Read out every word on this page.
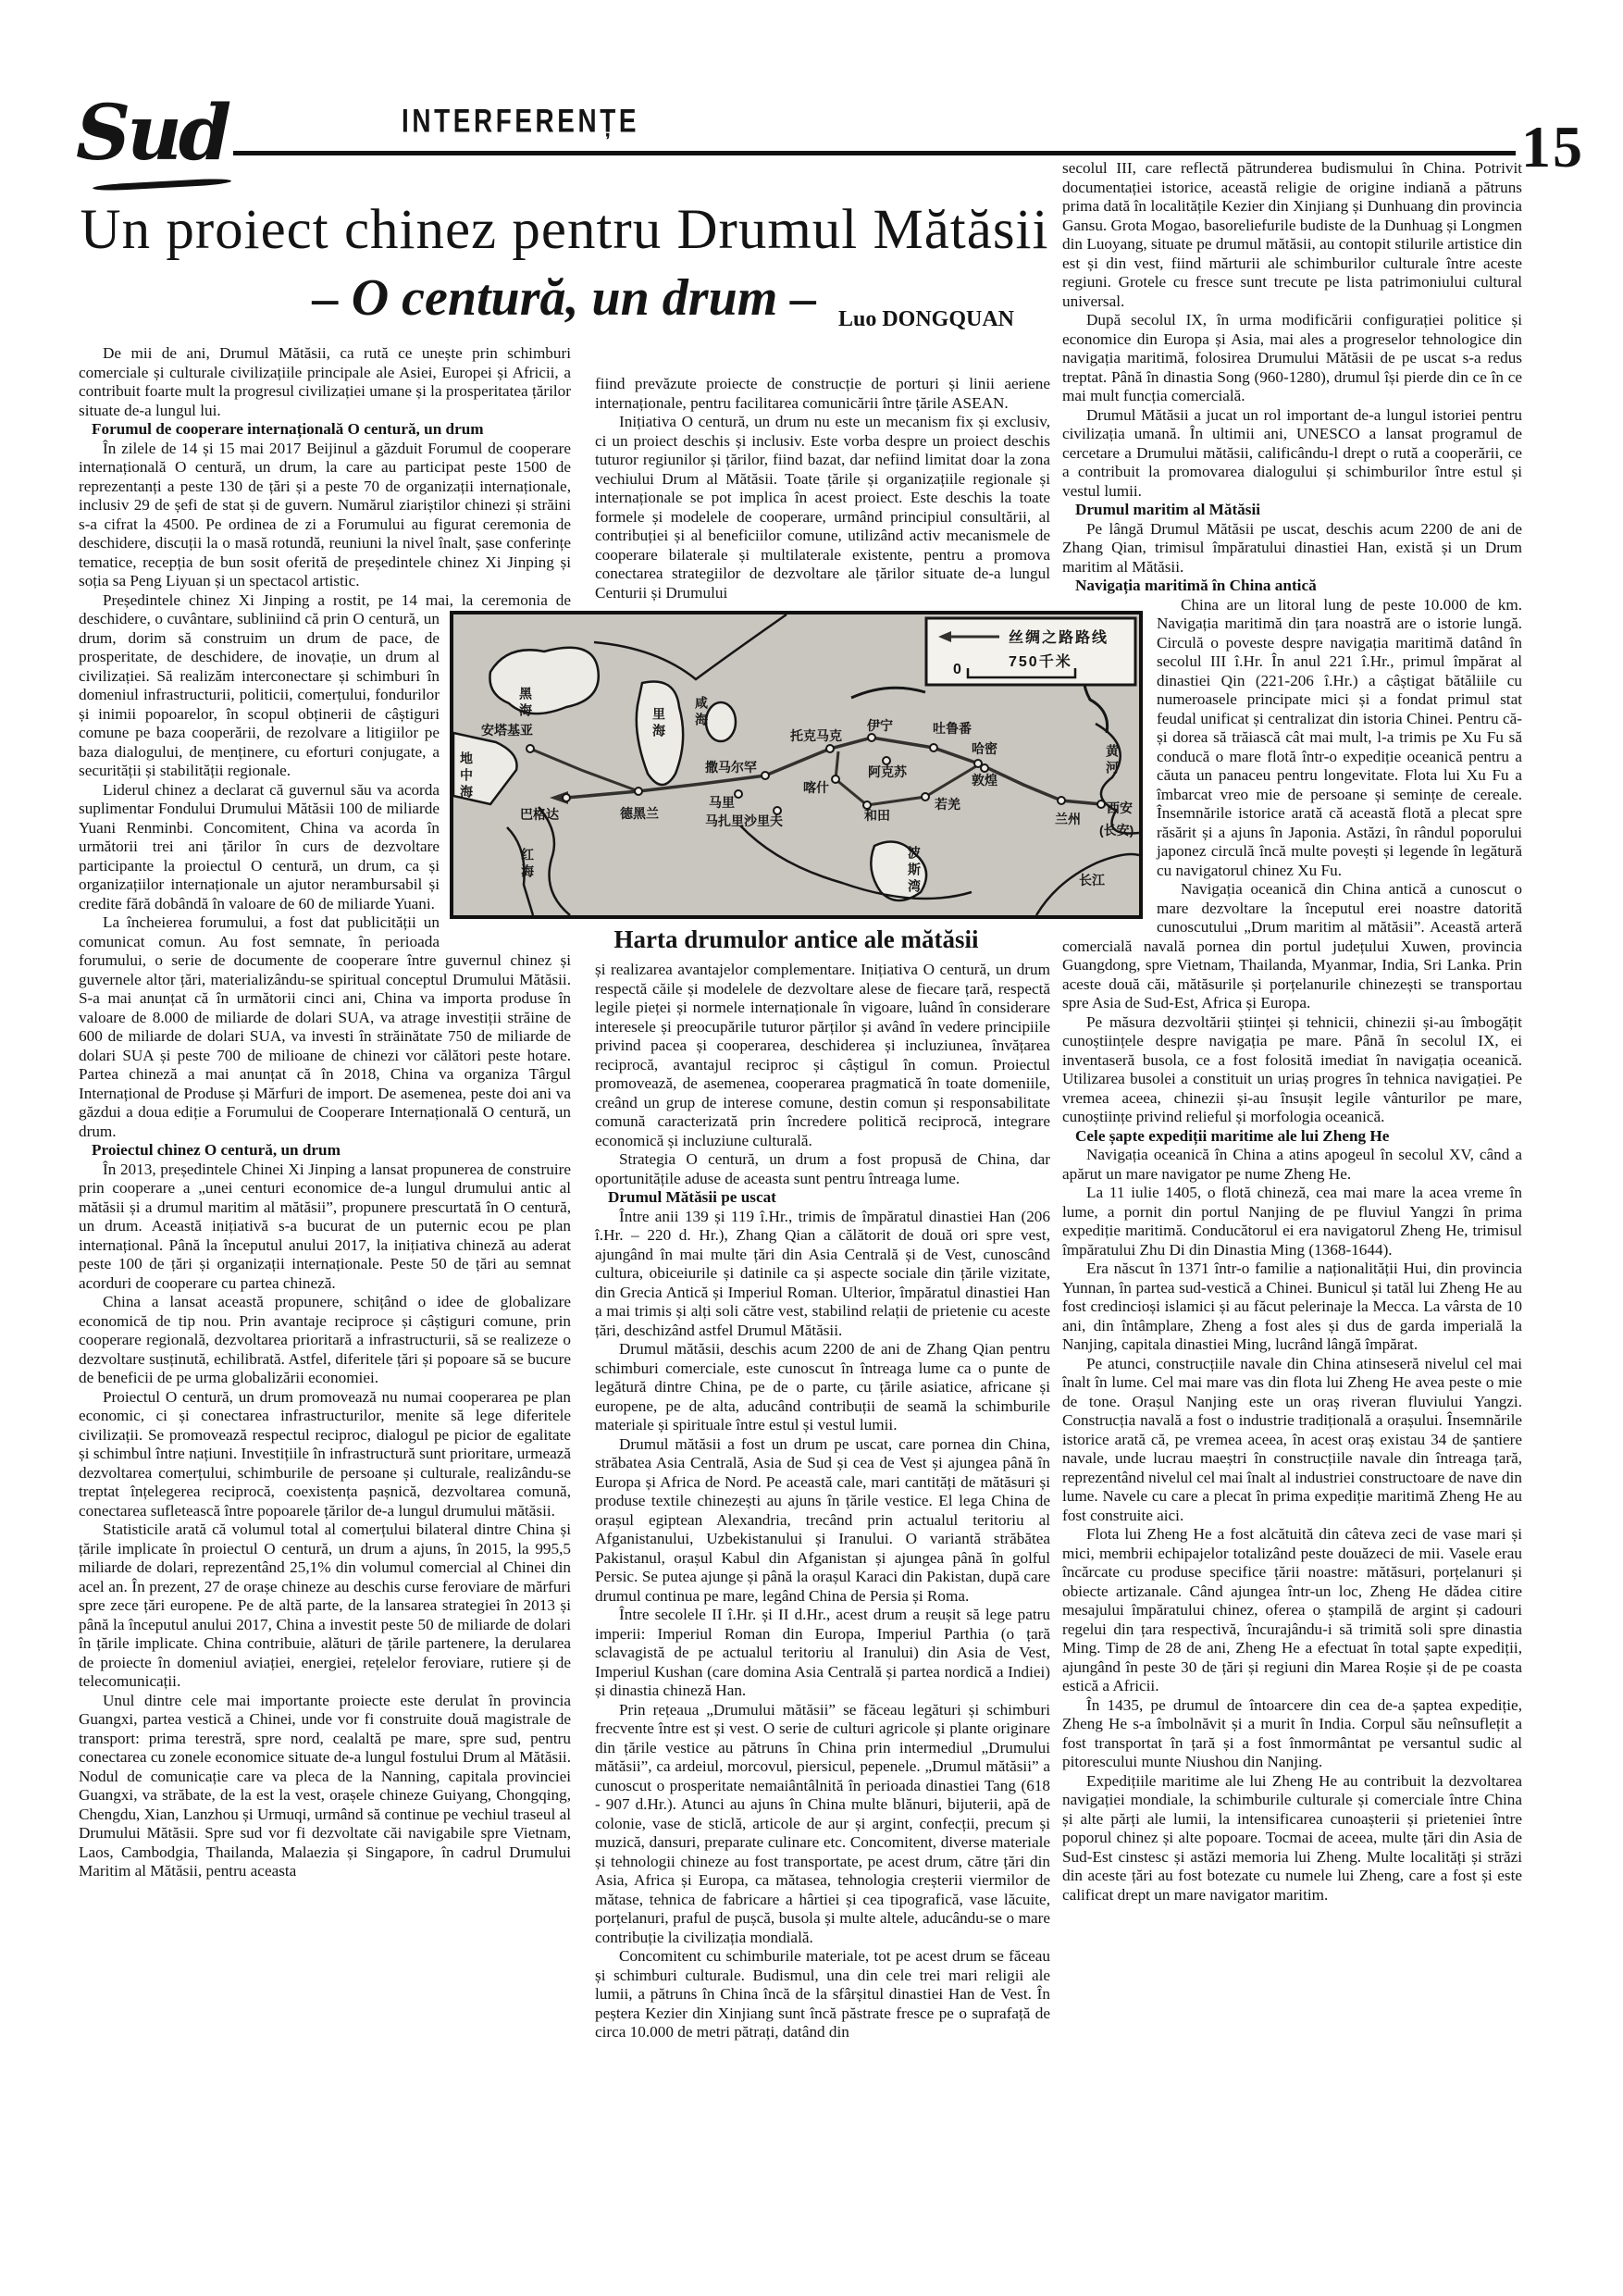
Sud	INTERFERENȚE	15
Un proiect chinez pentru Drumul Mătăsii
– O centură, un drum – Luo DONGQUAN
De mii de ani, Drumul Mătăsii, ca rută ce unește prin schimburi comerciale și culturale civilizațiile principale ale Asiei, Europei și Africii, a contribuit foarte mult la progresul civilizației umane și la prosperitatea țărilor situate de-a lungul lui.
Forumul de cooperare internațională O centură, un drum
În zilele de 14 și 15 mai 2017 Beijinul a găzduit Forumul de cooperare internațională O centură, un drum, la care au participat peste 1500 de reprezentanți a peste 130 de țări și a peste 70 de organizații internaționale, inclusiv 29 de șefi de stat și de guvern. Numărul ziariștilor chinezi și străini s-a cifrat la 4500. Pe ordinea de zi a Forumului au figurat ceremonia de deschidere, discuții la o masă rotundă, reuniuni la nivel înalt, șase conferințe tematice, recepția de bun sosit oferită de președintele chinez Xi Jinping și soția sa Peng Liyuan și un spectacol artistic.
Președintele chinez Xi Jinping a rostit, pe 14 mai, la ceremonia de deschidere, o cuvântare, subliniind că prin O centură, un drum, dorim să construim un drum de pace, de prosperitate, de deschidere, de inovație, un drum al civilizației. Să realizăm interconectare și schimburi în domeniul infrastructurii, politicii, comerțului, fondurilor și inimii popoarelor, în scopul obținerii de câștiguri comune pe baza cooperării, de rezolvare a litigiilor pe baza dialogului, de menținere, cu eforturi conjugate, a securității și stabilității regionale.
Liderul chinez a declarat că guvernul său va acorda suplimentar Fondului Drumului Mătăsii 100 de miliarde Yuani Renminbi. Concomitent, China va acorda în următorii trei ani țărilor în curs de dezvoltare participante la proiectul O centură, un drum, ca și organizațiilor internaționale un ajutor nerambursabil și credite fără dobândă în valoare de 60 de miliarde Yuani.
La încheierea forumului, a fost dat publicității un comunicat comun. Au fost semnate, în perioada forumului, o serie de documente de cooperare între guvernul chinez și guvernele altor țări, materializându-se spiritual conceptul Drumului Mătăsii. S-a mai anunțat că în următorii cinci ani, China va importa produse în valoare de 8.000 de miliarde de dolari SUA, va atrage investiții străine de 600 de miliarde de dolari SUA, va investi în străinătate 750 de miliarde de dolari SUA și peste 700 de milioane de chinezi vor călători peste hotare. Partea chineză a mai anunțat că în 2018, China va organiza Târgul Internațional de Produse și Mărfuri de import. De asemenea, peste doi ani va găzdui a doua ediție a Forumului de Cooperare Internațională O centură, un drum.
Proiectul chinez O centură, un drum
În 2013, președintele Chinei Xi Jinping a lansat propunerea de construire prin cooperare a „unei centuri economice de-a lungul drumului antic al mătăsii și a drumul maritim al mătăsii”, propunere prescurtată în O centură, un drum. Această inițiativă s-a bucurat de un puternic ecou pe plan internațional. Până la începutul anului 2017, la inițiativa chineză au aderat peste 100 de țări și organizații internaționale. Peste 50 de țări au semnat acorduri de cooperare cu partea chineză.
China a lansat această propunere, schițând o idee de globalizare economică de tip nou. Prin avantaje reciproce și câștiguri comune, prin cooperare regională, dezvoltarea prioritară a infrastructurii, să se realizeze o dezvoltare susținută, echilibrată. Astfel, diferitele țări și popoare să se bucure de beneficii de pe urma globalizării economiei.
Proiectul O centură, un drum promovează nu numai cooperarea pe plan economic, ci și conectarea infrastructurilor, menite să lege diferitele civilizații. Se promovează respectul reciproc, dialogul pe picior de egalitate și schimbul între națiuni. Investițiile în infrastructură sunt prioritare, urmează dezvoltarea comerțului, schimburile de persoane și culturale, realizându-se treptat înțelegerea reciprocă, coexistența pașnică, dezvoltarea comună, conectarea sufletească între popoarele țărilor de-a lungul drumului mătăsii.
Statisticile arată că volumul total al comerțului bilateral dintre China și țările implicate în proiectul O centură, un drum a ajuns, în 2015, la 995,5 miliarde de dolari, reprezentând 25,1% din volumul comercial al Chinei din acel an. În prezent, 27 de orașe chineze au deschis curse feroviare de mărfuri spre zece țări europene. Pe de altă parte, de la lansarea strategiei în 2013 și până la începutul anului 2017, China a investit peste 50 de miliarde de dolari în țările implicate. China contribuie, alături de țările partenere, la derularea de proiecte în domeniul aviației, energiei, rețelelor feroviare, rutiere și de telecomunicații.
Unul dintre cele mai importante proiecte este derulat în provincia Guangxi, partea vestică a Chinei, unde vor fi construite două magistrale de transport: prima terestră, spre nord, cealaltă pe mare, spre sud, pentru conectarea cu zonele economice situate de-a lungul fostului Drum al Mătăsii. Nodul de comunicație care va pleca de la Nanning, capitala provinciei Guangxi, va străbate, de la est la vest, orașele chineze Guiyang, Chongqing, Chengdu, Xian, Lanzhou și Urmuqi, urmând să continue pe vechiul traseul al Drumului Mătăsii. Spre sud vor fi dezvoltate căi navigabile spre Vietnam, Laos, Cambodgia, Thailanda, Malaezia și Singapore, în cadrul Drumului Maritim al Mătăsii, pentru aceasta
fiind prevăzute proiecte de construcție de porturi și linii aeriene internaționale, pentru facilitarea comunicării între țările ASEAN.
Inițiativa O centură, un drum nu este un mecanism fix și exclusiv, ci un proiect deschis și inclusiv. Este vorba despre un proiect deschis tuturor regiunilor și țărilor, fiind bazat, dar nefiind limitat doar la zona vechiului Drum al Mătăsii. Toate țările și organizațiile regionale și internaționale se pot implica în acest proiect. Este deschis la toate formele și modelele de cooperare, urmând principiul consultării, al contribuției și al beneficiilor comune, utilizând activ mecanismele de cooperare bilaterale și multilaterale existente, pentru a promova conectarea strategiilor de dezvoltare ale țărilor situate de-a lungul Centurii și Drumului
și realizarea avantajelor complementare. Inițiativa O centură, un drum respectă căile și modelele de dezvoltare alese de fiecare țară, respectă legile pieței și normele internaționale în vigoare, luând în considerare interesele și preocupările tuturor părților și având în vedere principiile privind pacea și cooperarea, deschiderea și incluziunea, învățarea reciprocă, avantajul reciproc și câștigul în comun. Proiectul promovează, de asemenea, cooperarea pragmatică în toate domeniile, creând un grup de interese comune, destin comun și responsabilitate comună caracterizată prin încredere politică reciprocă, integrare economică și incluziune culturală.
Strategia O centură, un drum a fost propusă de China, dar oportunitățile aduse de aceasta sunt pentru întreaga lume.
Drumul Mătăsii pe uscat
Între anii 139 și 119 î.Hr., trimis de împăratul dinastiei Han (206 î.Hr. – 220 d. Hr.), Zhang Qian a călătorit de două ori spre vest, ajungând în mai multe țări din Asia Centrală și de Vest, cunoscând cultura, obiceiurile și datinile ca și aspecte sociale din țările vizitate, din Grecia Antică și Imperiul Roman. Ulterior, împăratul dinastiei Han a mai trimis și alți soli către vest, stabilind relații de prietenie cu aceste țări, deschizând astfel Drumul Mătăsii.
Drumul mătăsii, deschis acum 2200 de ani de Zhang Qian pentru schimburi comerciale, este cunoscut în întreaga lume ca o punte de legătură dintre China, pe de o parte, cu țările asiatice, africane și europene, pe de alta, aducând contribuții de seamă la schimburile materiale și spirituale între estul și vestul lumii.
Drumul mătăsii a fost un drum pe uscat, care pornea din China, străbatea Asia Centrală, Asia de Sud și cea de Vest și ajungea până în Europa și Africa de Nord. Pe această cale, mari cantități de mătăsuri și produse textile chinezești au ajuns în țările vestice. El lega China de orașul egiptean Alexandria, trecând prin actualul teritoriu al Afganistanului, Uzbekistanului și Iranului. O variantă străbătea Pakistanul, orașul Kabul din Afganistan și ajungea până în golful Persic. Se putea ajunge și până la orașul Karaci din Pakistan, după care drumul continua pe mare, legând China de Persia și Roma.
Între secolele II î.Hr. și II d.Hr., acest drum a reușit să lege patru imperii: Imperiul Roman din Europa, Imperiul Parthia (o țară sclavagistă de pe actualul teritoriu al Iranului) din Asia de Vest, Imperiul Kushan (care domina Asia Centrală și partea nordică a Indiei) și dinastia chineză Han.
Prin rețeaua „Drumului mătăsii” se făceau legături și schimburi frecvente între est și vest. O serie de culturi agricole și plante originare din țările vestice au pătruns în China prin intermediul „Drumului mătăsii”, ca ardeiul, morcovul, piersicul, pepenele. „Drumul mătăsii” a cunoscut o prosperitate nemaiântâlnită în perioada dinastiei Tang (618 - 907 d.Hr.). Atunci au ajuns în China multe blănuri, bijuterii, apă de colonie, vase de sticlă, articole de aur și argint, confecții, precum și muzică, dansuri, preparate culinare etc. Concomitent, diverse materiale și tehnologii chineze au fost transportate, pe acest drum, către țări din Asia, Africa și Europa, ca mătasea, tehnologia creșterii viermilor de mătase, tehnica de fabricare a hârtiei și cea tipografică, vase lăcuite, porțelanuri, praful de pușcă, busola și multe altele, aducându-se o mare contribuție la civilizația mondială.
Concomitent cu schimburile materiale, tot pe acest drum se făceau și schimburi culturale. Budismul, una din cele trei mari religii ale lumii, a pătruns în China încă de la sfârșitul dinastiei Han de Vest. În peștera Kezier din Xinjiang sunt încă păstrate fresce pe o suprafață de circa 10.000 de metri pătrați, datând din
secolul III, care reflectă pătrunderea budismului în China. Potrivit documentației istorice, această religie de origine indiană a pătruns prima dată în localitățile Kezier din Xinjiang și Dunhuang din provincia Gansu. Grota Mogao, basoreliefurile budiste de la Dunhuag și Longmen din Luoyang, situate pe drumul mătăsii, au contopit stilurile artistice din est și din vest, fiind mărturii ale schimburilor culturale între aceste regiuni. Grotele cu fresce sunt trecute pe lista patrimoniului cultural universal.
După secolul IX, în urma modificării configurației politice și economice din Europa și Asia, mai ales a progreselor tehnologice din navigația maritimă, folosirea Drumului Mătăsii de pe uscat s-a redus treptat. Până în dinastia Song (960-1280), drumul își pierde din ce în ce mai mult funcția comercială.
Drumul Mătăsii a jucat un rol important de-a lungul istoriei pentru civilizația umană. În ultimii ani, UNESCO a lansat programul de cercetare a Drumului mătăsii, calificându-l drept o rută a cooperării, ce a contribuit la promovarea dialogului și schimburilor între estul și vestul lumii.
Drumul maritim al Mătăsii
Pe lângă Drumul Mătăsii pe uscat, deschis acum 2200 de ani de Zhang Qian, trimisul împăratului dinastiei Han, există și un Drum maritim al Mătăsii.
Navigația maritimă în China antică
China are un litoral lung de peste 10.000 de km. Navigația maritimă din țara noastră are o istorie lungă. Circulă o poveste despre navigația maritimă datând în secolul III î.Hr. În anul 221 î.Hr., primul împărat al dinastiei Qin (221-206 î.Hr.) a câștigat bătăliile cu numeroasele principate mici și a fondat primul stat feudal unificat și centralizat din istoria Chinei. Pentru că-și dorea să trăiască cât mai mult, l-a trimis pe Xu Fu să conducă o mare flotă într-o expediție oceanică pentru a căuta un panaceu pentru longevitate. Flota lui Xu Fu a îmbarcat vreo mie de persoane și semințe de cereale. Însemnările istorice arată că această flotă a plecat spre răsărit și a ajuns în Japonia. Astăzi, în rândul poporului japonez circulă încă multe povești și legende în legătură cu navigatorul chinez Xu Fu.
Navigația oceanică din China antică a cunoscut o mare dezvoltare la începutul erei noastre datorită cunoscutului „Drum maritim al mătăsii”. Această arteră comercială navală pornea din portul județului Xuwen, provincia Guangdong, spre Vietnam, Thailanda, Myanmar, India, Sri Lanka. Prin aceste două căi, mătăsurile și porțelanurile chinezești se transportau spre Asia de Sud-Est, Africa și Europa.
Pe măsura dezvoltării științei și tehnicii, chinezii și-au îmbogățit cunoștiințele despre navigația pe mare. Până în secolul IX, ei inventaseră busola, ce a fost folosită imediat în navigația oceanică. Utilizarea busolei a constituit un uriaș progres în tehnica navigației. Pe vremea aceea, chinezii și-au însușit legile vânturilor pe mare, cunoștiințe privind relieful și morfologia oceanică.
Cele șapte expediții maritime ale lui Zheng He
Navigația oceanică în China a atins apogeul în secolul XV, când a apărut un mare navigator pe nume Zheng He.
La 11 iulie 1405, o flotă chineză, cea mai mare la acea vreme în lume, a pornit din portul Nanjing de pe fluviul Yangzi în prima expediție maritimă. Conducătorul ei era navigatorul Zheng He, trimisul împăratului Zhu Di din Dinastia Ming (1368-1644).
Era născut în 1371 într-o familie a naționalității Hui, din provincia Yunnan, în partea sud-vestică a Chinei. Bunicul și tatăl lui Zheng He au fost credincioși islamici și au făcut pelerinaje la Mecca. La vârsta de 10 ani, din întâmplare, Zheng a fost ales și dus de garda imperială la Nanjing, capitala dinastiei Ming, lucrând lângă împărat.
Pe atunci, construcțiile navale din China atinseseră nivelul cel mai înalt în lume. Cel mai mare vas din flota lui Zheng He avea peste o mie de tone. Orașul Nanjing este un oraș riveran fluviului Yangzi. Construcția navală a fost o industrie tradițională a orașului. Însemnările istorice arată că, pe vremea aceea, în acest oraș existau 34 de șantiere navale, unde lucrau maeștri în construcțiile navale din întreaga țară, reprezentând nivelul cel mai înalt al industriei constructoare de nave din lume. Navele cu care a plecat în prima expediție maritimă Zheng He au fost construite aici.
Flota lui Zheng He a fost alcătuită din câteva zeci de vase mari și mici, membrii echipajelor totalizând peste douăzeci de mii. Vasele erau încărcate cu produse specifice țării noastre: mătăsuri, porțelanuri și obiecte artizanale. Când ajungea într-un loc, Zheng He dădea citire mesajului împăratului chinez, oferea o ștampilă de argint și cadouri regelui din țara respectivă, încurajându-i să trimită soli spre dinastia Ming. Timp de 28 de ani, Zheng He a efectuat în total șapte expediții, ajungând în peste 30 de țări și regiuni din Marea Roșie și de pe coasta estică a Africii.
În 1435, pe drumul de întoarcere din cea de-a șaptea expediție, Zheng He s-a îmbolnăvit și a murit în India. Corpul său neînsuflețit a fost transportat în țară și a fost înmormântat pe versantul sudic al pitorescului munte Niushou din Nanjing.
Expedițiile maritime ale lui Zheng He au contribuit la dezvoltarea navigației mondiale, la schimburile culturale și comerciale între China și alte părți ale lumii, la intensificarea cunoașterii și prieteniei între poporul chinez și alte popoare. Tocmai de aceea, multe țări din Asia de Sud-Est cinstesc și astăzi memoria lui Zheng. Multe localități și străzi din aceste țări au fost botezate cu numele lui Zheng, care a fost și este calificat drept un mare navigator maritim.
黑海
地中海
里海 咸海
波斯湾
红海
安塔基亚
巴格达	德黑兰
撒马尔罕
马里
马扎里沙里夫
托克马克
伊宁
阿克苏
喀什
和田
吐鲁番
哈密
敦煌
若羌
兰州
西安
(长安)
黄河
长江
丝绸之路路线
0	750千米
Harta drumulor antice ale mătăsii
